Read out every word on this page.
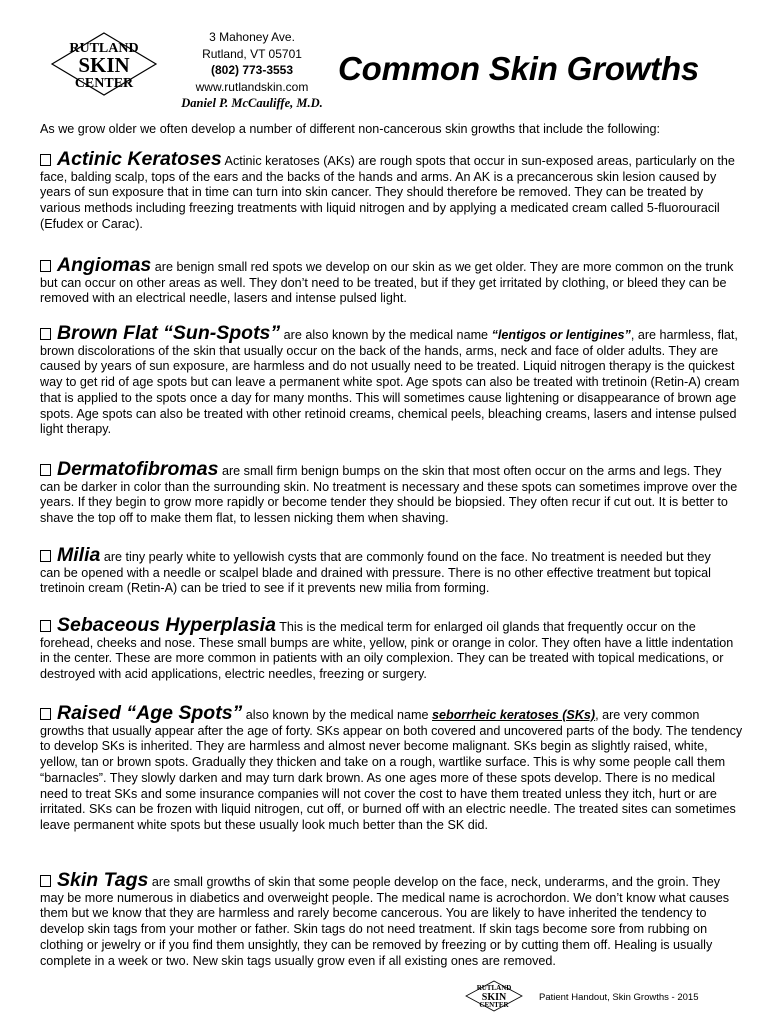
RUTLAND
SKIN
CENTER
3 Mahoney Ave.
Rutland, VT 05701
(802) 773-3553
www.rutlandskin.com
Daniel P. McCauliffe, M.D.
Common Skin Growths
As we grow older we often develop a number of different non-cancerous skin growths that include the following:
Actinic Keratoses Actinic keratoses (AKs) are rough spots that occur in sun-exposed areas, particularly on the face, balding scalp, tops of the ears and the backs of the hands and arms. An AK is a precancerous skin lesion caused by years of sun exposure that in time can turn into skin cancer. They should therefore be removed. They can be treated by various methods including freezing treatments with liquid nitrogen and by applying a medicated cream called 5-fluorouracil (Efudex or Carac).
Angiomas are benign small red spots we develop on our skin as we get older. They are more common on the trunk but can occur on other areas as well. They don’t need to be treated, but if they get irritated by clothing, or bleed they can be removed with an electrical needle, lasers and intense pulsed light.
Brown Flat “Sun-Spots” are also known by the medical name “lentigos or lentigines”, are harmless, flat, brown discolorations of the skin that usually occur on the back of the hands, arms, neck and face of older adults. They are caused by years of sun exposure, are harmless and do not usually need to be treated. Liquid nitrogen therapy is the quickest way to get rid of age spots but can leave a permanent white spot. Age spots can also be treated with tretinoin (Retin-A) cream that is applied to the spots once a day for many months. This will sometimes cause lightening or disappearance of brown age spots. Age spots can also be treated with other retinoid creams, chemical peels, bleaching creams, lasers and intense pulsed light therapy.
Dermatofibromas are small firm benign bumps on the skin that most often occur on the arms and legs. They can be darker in color than the surrounding skin. No treatment is necessary and these spots can sometimes improve over the years. If they begin to grow more rapidly or become tender they should be biopsied. They often recur if cut out. It is better to shave the top off to make them flat, to lessen nicking them when shaving.
Milia are tiny pearly white to yellowish cysts that are commonly found on the face. No treatment is needed but they can be opened with a needle or scalpel blade and drained with pressure. There is no other effective treatment but topical tretinoin cream (Retin-A) can be tried to see if it prevents new milia from forming.
Sebaceous Hyperplasia This is the medical term for enlarged oil glands that frequently occur on the forehead, cheeks and nose. These small bumps are white, yellow, pink or orange in color. They often have a little indentation in the center. These are more common in patients with an oily complexion. They can be treated with topical medications, or destroyed with acid applications, electric needles, freezing or surgery.
Raised “Age Spots” also known by the medical name seborrheic keratoses (SKs), are very common growths that usually appear after the age of forty. SKs appear on both covered and uncovered parts of the body. The tendency to develop SKs is inherited. They are harmless and almost never become malignant. SKs begin as slightly raised, white, yellow, tan or brown spots. Gradually they thicken and take on a rough, wartlike surface. This is why some people call them “barnacles”. They slowly darken and may turn dark brown. As one ages more of these spots develop. There is no medical need to treat SKs and some insurance companies will not cover the cost to have them treated unless they itch, hurt or are irritated. SKs can be frozen with liquid nitrogen, cut off, or burned off with an electric needle. The treated sites can sometimes leave permanent white spots but these usually look much better than the SK did.
Skin Tags are small growths of skin that some people develop on the face, neck, underarms, and the groin. They may be more numerous in diabetics and overweight people. The medical name is acrochordon. We don’t know what causes them but we know that they are harmless and rarely become cancerous. You are likely to have inherited the tendency to develop skin tags from your mother or father. Skin tags do not need treatment. If skin tags become sore from rubbing on clothing or jewelry or if you find them unsightly, they can be removed by freezing or by cutting them off. Healing is usually complete in a week or two. New skin tags usually grow even if all existing ones are removed.
RUTLAND
SKIN
CENTER
Patient Handout, Skin Growths - 2015
